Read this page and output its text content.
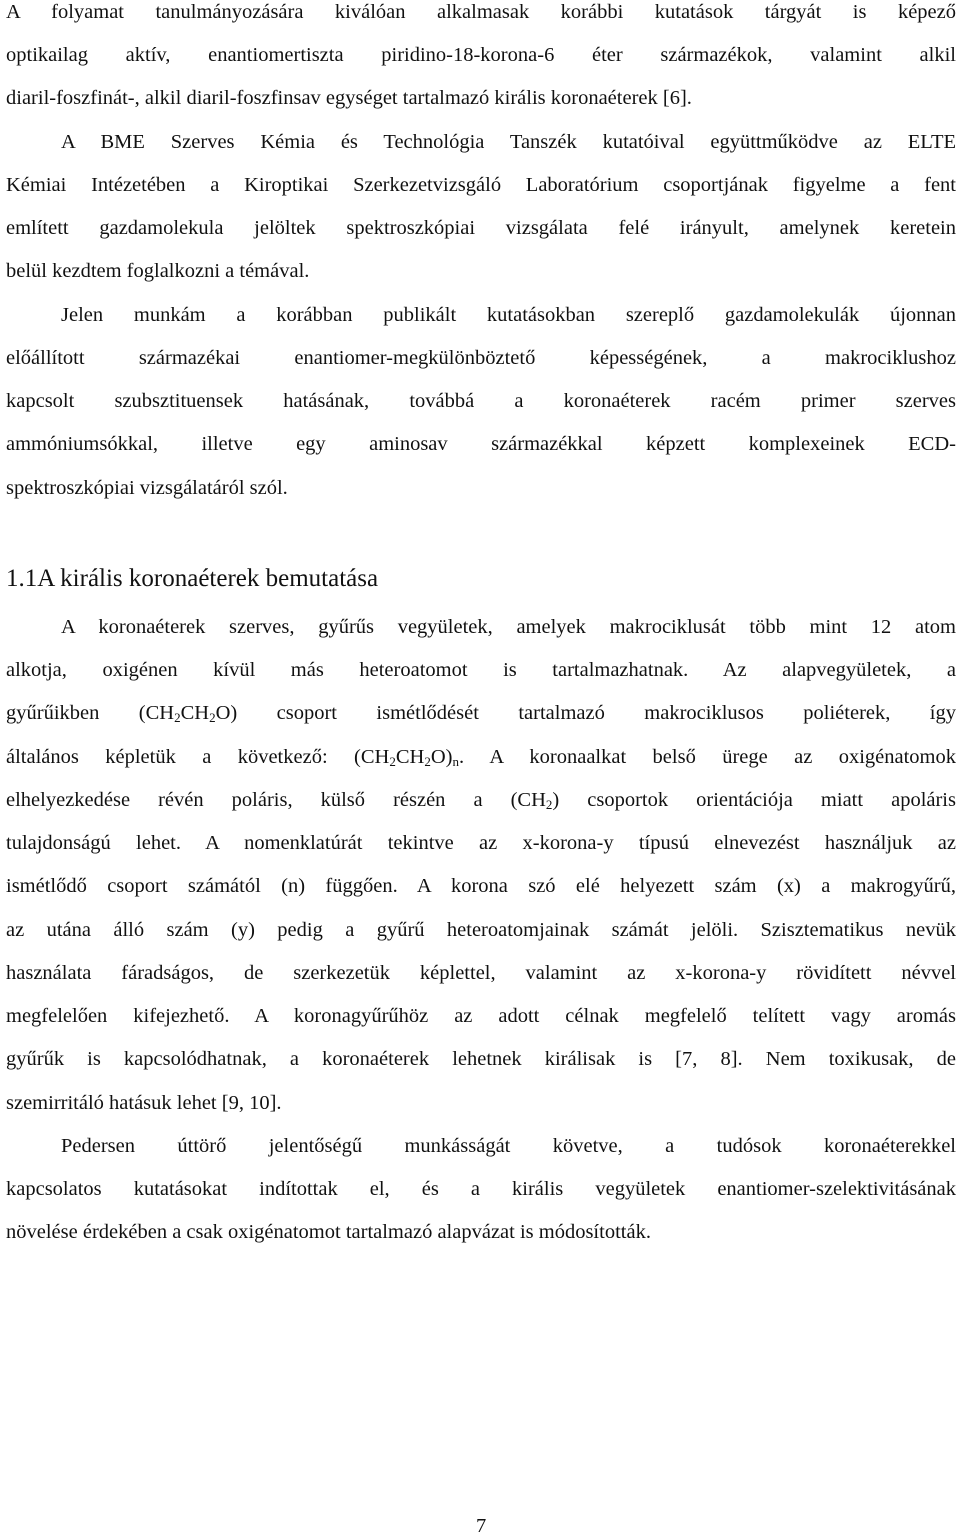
A folyamat tanulmányozására kiválóan alkalmasak korábbi kutatások tárgyát is képező
optikailag aktív, enantiomertiszta piridino-18-korona-6 éter származékok, valamint alkil
diaril-foszfinát-, alkil diaril-foszfinsav egységet tartalmazó királis koronaéterek [6].
A BME Szerves Kémia és Technológia Tanszék kutatóival együttműködve az ELTE
Kémiai Intézetében a Kiroptikai Szerkezetvizsgáló Laboratórium csoportjának figyelme a fent
említett gazdamolekula jelöltek spektroszkópiai vizsgálata felé irányult, amelynek keretein
belül kezdtem foglalkozni a témával.
Jelen munkám a korábban publikált kutatásokban szereplő gazdamolekulák újonnan
előállított származékai enantiomer-megkülönböztető képességének, a makrociklushoz
kapcsolt szubsztituensek hatásának, továbbá a koronaéterek racém primer szerves
ammóniumsókkal, illetve egy aminosav származékkal képzett komplexeinek ECD-
spektroszkópiai vizsgálatáról szól.
1.1A királis koronaéterek bemutatása
A koronaéterek szerves, gyűrűs vegyületek, amelyek makrociklusát több mint 12 atom
alkotja, oxigénen kívül más heteroatomot is tartalmazhatnak. Az alapvegyületek, a
gyűrűikben $(CH_2CH_2O)$ csoport ismétlődését tartalmazó makrociklusos poliéterek, így
általános képletük a következő: $(CH_2CH_2O)_n$. A koronaalkat belső ürege az oxigénatomok
elhelyezkedése révén poláris, külső részén a $(CH_2)$ csoportok orientációja miatt apoláris
tulajdonságú lehet. A nomenklatúrát tekintve az x-korona-y típusú elnevezést használjuk az
ismétlődő csoport számától (n) függően. A korona szó elé helyezett szám (x) a makrogyűrű,
az utána álló szám (y) pedig a gyűrű heteroatomjainak számát jelöli. Szisztematikus nevük
használata fáradságos, de szerkezetük képlettel, valamint az x-korona-y rövidített névvel
megfelelően kifejezhető. A koronagyűrűhöz az adott célnak megfelelő telített vagy aromás
gyűrűk is kapcsolódhatnak, a koronaéterek lehetnek királisak is [7, 8]. Nem toxikusak, de
szemirritáló hatásuk lehet [9, 10].
Pedersen úttörő jelentőségű munkásságát követve, a tudósok koronaéterekkel
kapcsolatos kutatásokat indítottak el, és a királis vegyületek enantiomer-szelektivitásának
növelése érdekében a csak oxigénatomot tartalmazó alapvázat is módosították.
7
